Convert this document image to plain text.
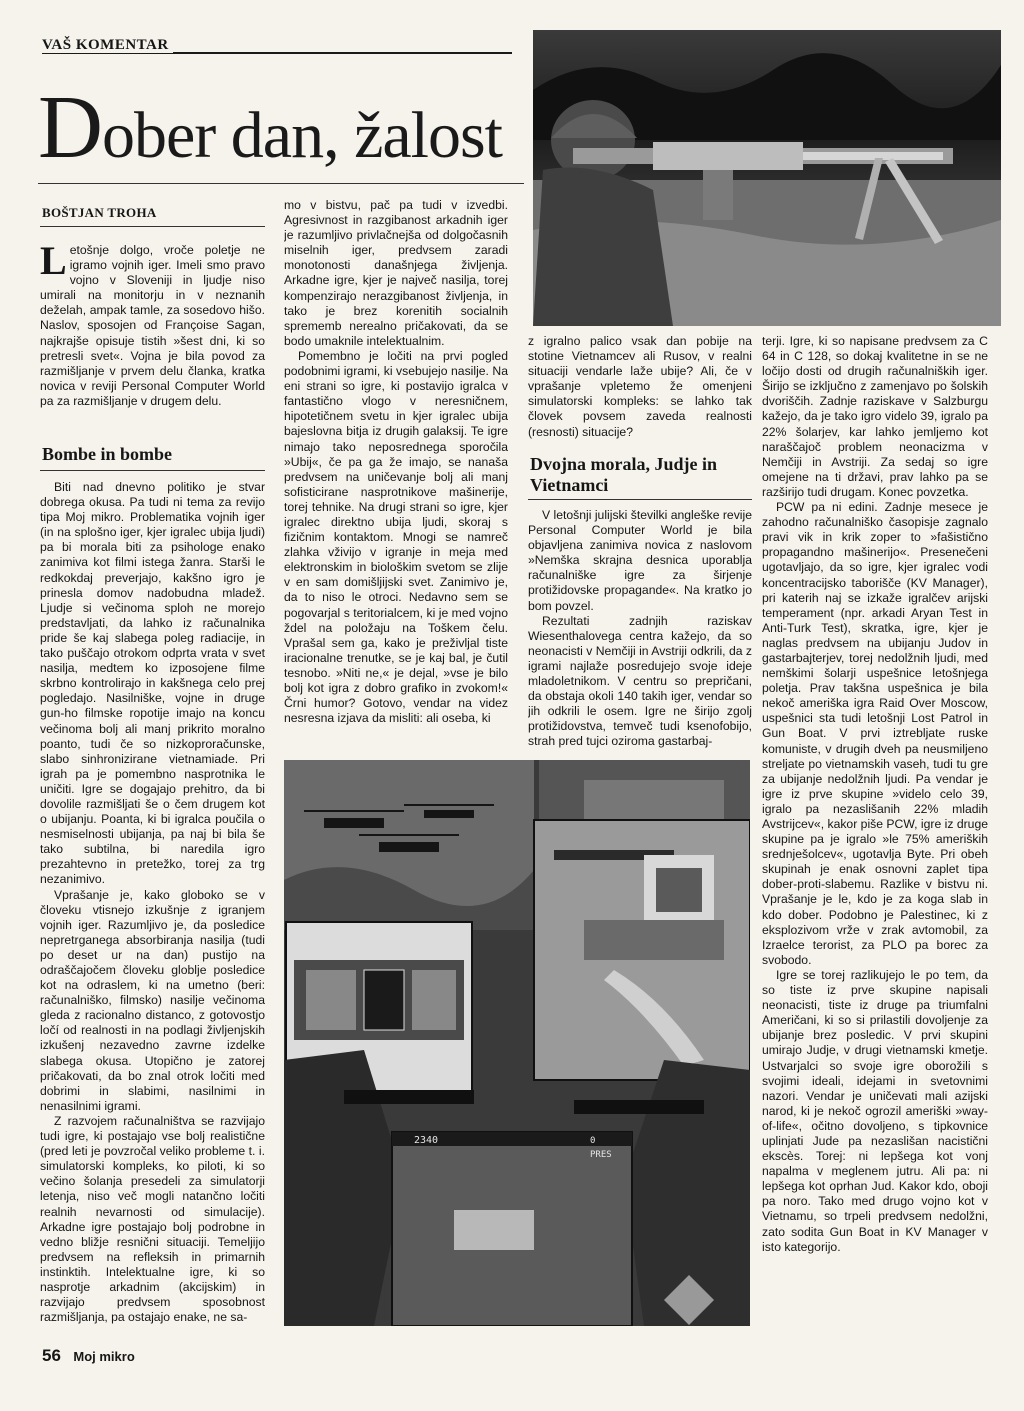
VAŠ KOMENTAR
Dober dan, žalost
BOŠTJAN TROHA

Letošnje dolgo, vroče poletje ne igramo vojnih iger. Imeli smo pravo vojno v Sloveniji in ljudje niso umirali na monitorju in v neznanih deželah, ampak tamle, za sosedovo hišo. Naslov, sposojen od Françoise Sagan, najkrajše opisuje tistih »šest dni, ki so pretresli svet«. Vojna je bila povod za razmišljanje v prvem delu članka, kratka novica v reviji Personal Computer World pa za razmišljanje v drugem delu.

Bombe in bombe

Biti nad dnevno politiko je stvar dobrega okusa. Pa tudi ni tema za revijo tipa Moj mikro. Problematika vojnih iger (in na splošno iger, kjer igralec ubija ljudi) pa bi morala biti za psihologe enako zanimiva kot filmi istega žanra. Starši le redkokdaj preverjajo, kakšno igro je prinesla domov nadobudna mladež. Ljudje si večinoma sploh ne morejo predstavljati, da lahko iz računalnika pride še kaj slabega poleg radiacije, in tako puščajo otrokom odprta vrata v svet nasilja, medtem ko izposojene filme skrbno kontrolirajo in kakšnega celo prej pogledajo. Nasilniške, vojne in druge gun-ho filmske ropotije imajo na koncu večinoma bolj ali manj prikrito moralno poanto, tudi če so nizkoproračunske, slabo sinhronizirane vietnamiade. Pri igrah pa je pomembno nasprotnika le uničiti. Igre se dogajajo prehitro, da bi dovolile razmišljati še o čem drugem kot o ubijanju. Poanta, ki bi igralca poučila o nesmiselnosti ubijanja, pa naj bi bila še tako subtilna, bi naredila igro prezahtevno in pretežko, torej za trg nezanimivo.

Vprašanje je, kako globoko se v človeku vtisnejo izkušnje z igranjem vojnih iger. Razumljivo je, da posledice nepretrganega absorbiranja nasilja (tudi po deset ur na dan) pustijo na odraščajočem človeku globlje posledice kot na odraslem, ki na umetno (beri: računalniško, filmsko) nasilje večinoma gleda z racionalno distanco, z gotovostjo ločí od realnosti in na podlagi življenjskih izkušenj nezavedno zavrne izdelke slabega okusa. Utopično je zatorej pričakovati, da bo znal otrok ločiti med dobrimi in slabimi, nasilnimi in nenasilnimi igrami.

Z razvojem računalništva se razvijajo tudi igre, ki postajajo vse bolj realistične (pred leti je povzročal veliko probleme t. i. simulatorski kompleks, ko piloti, ki so večino šolanja presedeli za simulatorji letenja, niso več mogli natančno ločiti realnih nevarnosti od simulacije). Arkadne igre postajajo bolj podrobne in vedno bližje resnični situaciji. Temeljijo predvsem na refleksih in primarnih instinktih. Intelektualne igre, ki so nasprotje arkadnim (akcijskim) in razvijajo predvsem sposobnost razmišljanja, pa ostajajo enake, ne sa-

mo v bistvu, pač pa tudi v izvedbi. Agresivnost in razgibanost arkadnih iger je razumljivo privlačnejša od dolgočasnih miselnih iger, predvsem zaradi monotonosti današnjega življenja. Arkadne igre, kjer je največ nasilja, torej kompenzirajo nerazgibanost življenja, in tako je brez korenitih socialnih sprememb nerealno pričakovati, da se bodo umaknile intelektualnim.

Pomembno je ločiti na prvi pogled podobnimi igrami, ki vsebujejo nasilje. Na eni strani so igre, ki postavijo igralca v fantastično vlogo v neresničnem, hipotetičnem svetu in kjer igralec ubija bajeslovna bitja iz drugih galaksij. Te igre nimajo tako neposrednega sporočila »Ubij«, če pa ga že imajo, se nanaša predvsem na uničevanje bolj ali manj sofisticirane nasprotnikove mašinerije, torej tehnike. Na drugi strani so igre, kjer igralec direktno ubija ljudi, skoraj s fizičnim kontaktom. Mnogi se namreč zlahka vživijo v igranje in meja med elektronskim in biološkim svetom se zlije v en sam domišljijski svet. Zanimivo je, da to niso le otroci. Nedavno sem se pogovarjal s teritorialcem, ki je med vojno ždel na položaju na Toškem čelu. Vprašal sem ga, kako je preživljal tiste iracionalne trenutke, se je kaj bal, je čutil tesnobo. »Niti ne,« je dejal, »vse je bilo bolj kot igra z dobro grafiko in zvokom!« Črni humor? Gotovo, vendar na videz nesresna izjava da misliti: ali oseba, ki

z igralno palico vsak dan pobije na stotine Vietnamcev ali Rusov, v realni situaciji vendarle laže ubije? Ali, če v vprašanje vpletemo že omenjeni simulatorski kompleks: se lahko tak človek povsem zaveda realnosti (resnosti) situacije?

Dvojna morala, Judje in Vietnamci

V letošnji julijski številki angleške revije Personal Computer World je bila objavljena zanimiva novica z naslovom »Nemška skrajna desnica uporablja računalniške igre za širjenje protižidovske propagande«. Na kratko jo bom povzel.

Rezultati zadnjih raziskav Wiesenthalovega centra kažejo, da so neonacisti v Nemčiji in Avstriji odkrili, da z igrami najlaže posredujejo svoje ideje mladoletnikom. V centru so prepričani, da obstaja okoli 140 takih iger, vendar so jih odkrili le osem. Igre ne širijo zgolj protižidovstva, temveč tudi ksenofobijo, strah pred tujci oziroma gastarbaj-

terji. Igre, ki so napisane predvsem za C 64 in C 128, so dokaj kvalitetne in se ne ločijo dosti od drugih računalniških iger. Širijo se izključno z zamenjavo po šolskih dvoriščih. Zadnje raziskave v Salzburgu kažejo, da je tako igro videlo 39, igralo pa 22% šolarjev, kar lahko jemljemo kot naraščajoč problem neonacizma v Nemčiji in Avstriji. Za sedaj so igre omejene na ti državi, prav lahko pa se razširijo tudi drugam. Konec povzetka.

PCW pa ni edini. Zadnje mesece je zahodno računalniško časopisje zagnalo pravi vik in krik zoper to »fašistično propagandno mašinerijo«. Presenečeni ugotavljajo, da so igre, kjer igralec vodi koncentracijsko taborišče (KV Manager), pri katerih naj se izkaže igralčev arijski temperament (npr. arkadi Aryan Test in Anti-Turk Test), skratka, igre, kjer je naglas predvsem na ubijanju Judov in gastarbajterjev, torej nedolžnih ljudi, med nemškimi šolarji uspešnice letošnjega poletja. Prav takšna uspešnica je bila nekoč ameriška igra Raid Over Moscow, uspešnici sta tudi letošnji Lost Patrol in Gun Boat. V prvi iztrebljate ruske komuniste, v drugih dveh pa neusmiljeno streljate po vietnamskih vaseh, tudi tu gre za ubijanje nedolžnih ljudi. Pa vendar je igre iz prve skupine »videlo celo 39, igralo pa nezaslišanih 22% mladih Avstrijcev«, kakor piše PCW, igre iz druge skupine pa je igralo »le 75% ameriških srednješolcev«, ugotavlja Byte. Pri obeh skupinah je enak osnovni zaplet tipa dober-proti-slabemu. Razlike v bistvu ni. Vprašanje je le, kdo je za koga slab in kdo dober. Podobno je Palestinec, ki z eksplozivom vrže v zrak avtomobil, za Izraelce terorist, za PLO pa borec za svobodo.

Igre se torej razlikujejo le po tem, da so tiste iz prve skupine napisali neonacisti, tiste iz druge pa triumfalni Američani, ki so si prilastili dovoljenje za ubijanje brez posledic. V prvi skupini umirajo Judje, v drugi vietnamski kmetje. Ustvarjalci so svoje igre oborožili s svojimi ideali, idejami in svetovnimi nazori. Vendar je uničevati mali azijski narod, ki je nekoč ogrozil ameriški »way-of-life«, očitno dovoljeno, s tipkovnice uplinjati Jude pa nezaslišan nacistični ekscès. Torej: ni lepšega kot vonj napalma v meglenem jutru. Ali pa: ni lepšega kot oprhan Jud. Kakor kdo, oboji pa noro. Tako med drugo vojno kot v Vietnamu, so trpeli predvsem nedolžni, zato sodita Gun Boat in KV Manager v isto kategorijo.

2340	0
PRES
56 Moj mikro
